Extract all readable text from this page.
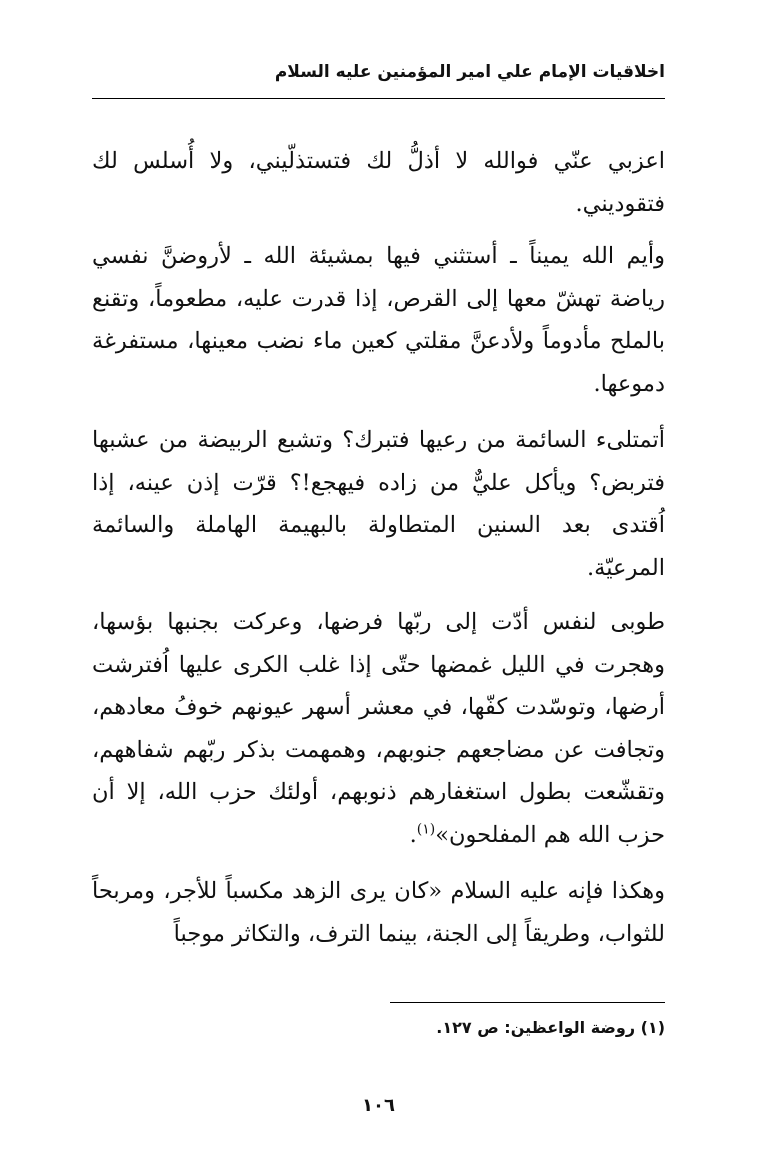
اخلاقيات الإمام علي امير المؤمنين عليه السلام

اعزبي عنّي فوالله لا أذلُّ لك فتستذلّيني، ولا أُسلس لك فتقوديني.

وأيم الله يميناً ـ أستثني فيها بمشيئة الله ـ لأروضنَّ نفسي رياضة تهشّ معها إلى القرص، إذا قدرت عليه، مطعوماً، وتقنع بالملح مأدوماً ولأدعنَّ مقلتي كعين ماء نضب معينها، مستفرغة دموعها.

أتمتلىء السائمة من رعيها فتبرك؟ وتشبع الربيضة من عشبها فتربض؟ ويأكل عليٌّ من زاده فيهجع!؟ قرّت إذن عينه، إذا اُقتدى بعد السنين المتطاولة بالبهيمة الهاملة والسائمة المرعيّة.

طوبى لنفس أدّت إلى ربّها فرضها، وعركت بجنبها بؤسها، وهجرت في الليل غمضها حتّى إذا غلب الكرى عليها اُفترشت أرضها، وتوسّدت كفّها، في معشر أسهر عيونهم خوفُ معادهم، وتجافت عن مضاجعهم جنوبهم، وهمهمت بذكر ربّهم شفاههم، وتقشّعت بطول استغفارهم ذنوبهم، أولئك حزب الله، إلا أن حزب الله هم المفلحون»$^{(١)}$.

وهكذا فإنه عليه السلام «كان يرى الزهد مكسباً للأجر، ومربحاً للثواب، وطريقاً إلى الجنة، بينما الترف، والتكاثر موجباً

(١) روضة الواعظين: ص ١٢٧.
١٠٦
